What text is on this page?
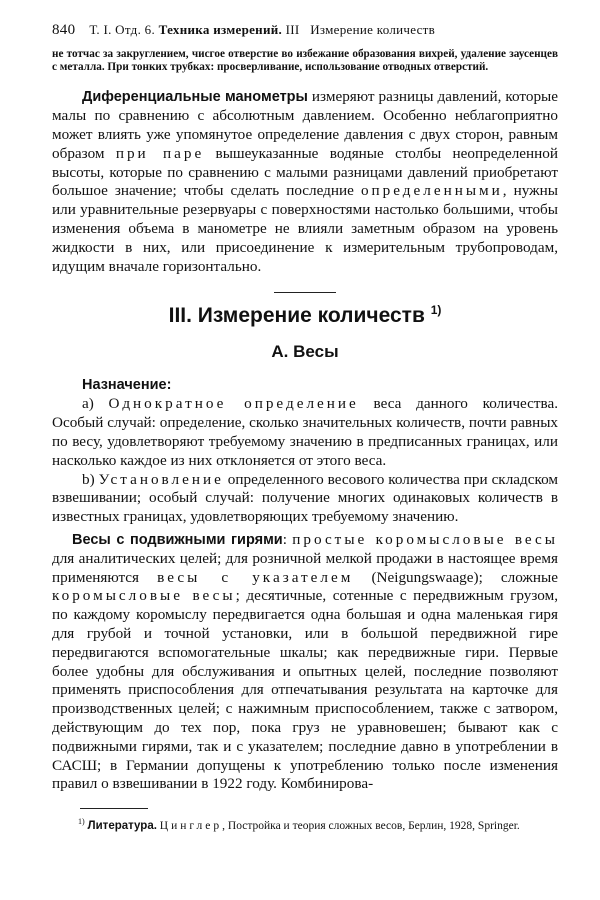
840 Т. I. Отд. 6. Техника измерений. III   Измерение количеств
не тотчас за закруглением, чисгое отверстие во избежание образования вихрей, удаление заусенцев с металла. При тонких трубках: просверливание, использование отводных отверстий.

Диференциальные манометры измеряют разницы давлений, которые малы по сравнению с абсолютным давлением. Особенно неблагоприятно может влиять уже упомянутое определение давления с двух сторон, равным образом при паре вышеуказанные водяные столбы неопределенной высоты, которые по сравнению с малыми разницами давлений приобретают большое значение; чтобы сделать последние определенными, нужны или уравнительные резервуары с поверхностями настолько большими, чтобы изменения объема в манометре не влияли заметным образом на уровень жидкости в них, или присоединение к измерительным трубопроводам, идущим вначале горизонтально.

III. Измерение количеств $^{1)}$
А. Весы
Назначение:

а) Однократное определение веса данного количества. Особый случай: определение, сколько значительных количеств, почти равных по весу, удовлетворяют требуемому значению в предписанных границах, или насколько каждое из них отклоняется от этого веса.

b) Установление определенного весового количества при складском взвешивании; особый случай: получение многих одинаковых количеств в известных границах, удовлетворяющих требуемому значению.

Весы с подвижными гирями: простые коромысловые весы для аналитических целей; для розничной мелкой продажи в настоящее время применяются весы с указателем (Neigungswaage); сложные коромысловые весы; десятичные, сотенные с передвижным грузом, по каждому коромыслу передвигается одна большая и одна маленькая гиря для грубой и точной установки, или в большой передвижной гире передвигаются вспомогательные шкалы; как передвижные гири. Первые более удобны для обслуживания и опытных целей, последние позволяют применять приспособления для отпечатывания результата на карточке для производственных целей; с нажимным приспособлением, также с затвором, действующим до тех пор, пока груз не уравновешен; бывают как с подвижными гирями, так и с указателем; последние давно в употреблении в САСШ; в Германии допущены к употреблению только после изменения правил о взвешивании в 1922 году. Комбинирова-

$^{1)}$ Литература. Цинглер, Постройка и теория сложных весов, Берлин, 1928, Springer.
